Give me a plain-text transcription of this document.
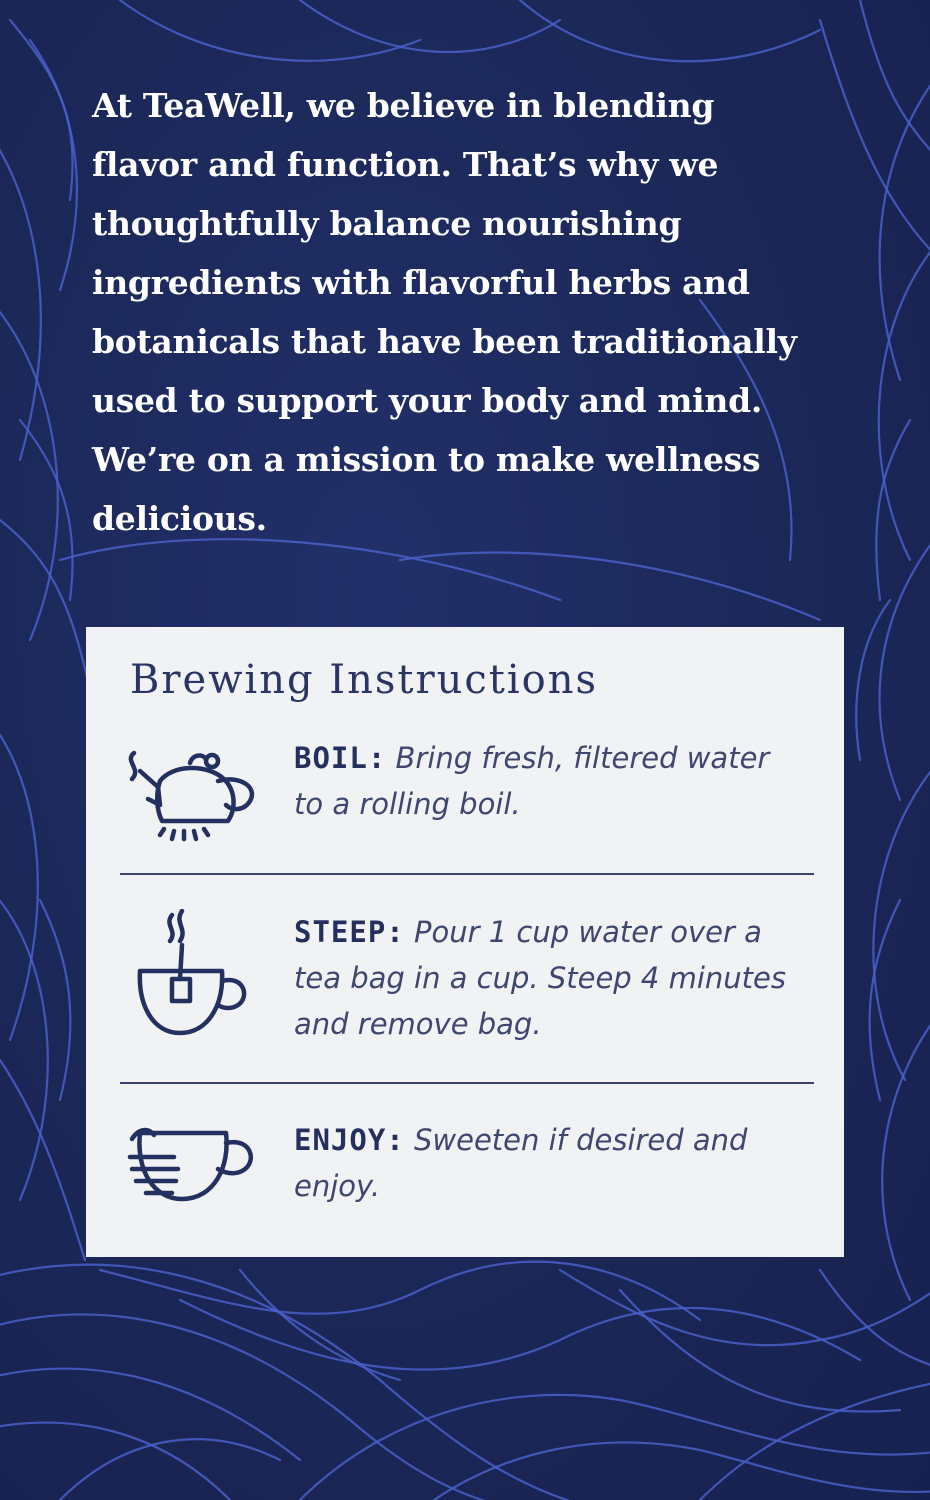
At TeaWell, we believe in blending flavor and function. That’s why we thoughtfully balance nourishing ingredients with flavorful herbs and botanicals that have been traditionally used to support your body and mind. We’re on a mission to make wellness delicious.

Brewing Instructions

BOIL: Bring fresh, filtered water to a rolling boil.

STEEP: Pour 1 cup water over a tea bag in a cup. Steep 4 minutes and remove bag.

ENJOY: Sweeten if desired and enjoy.
